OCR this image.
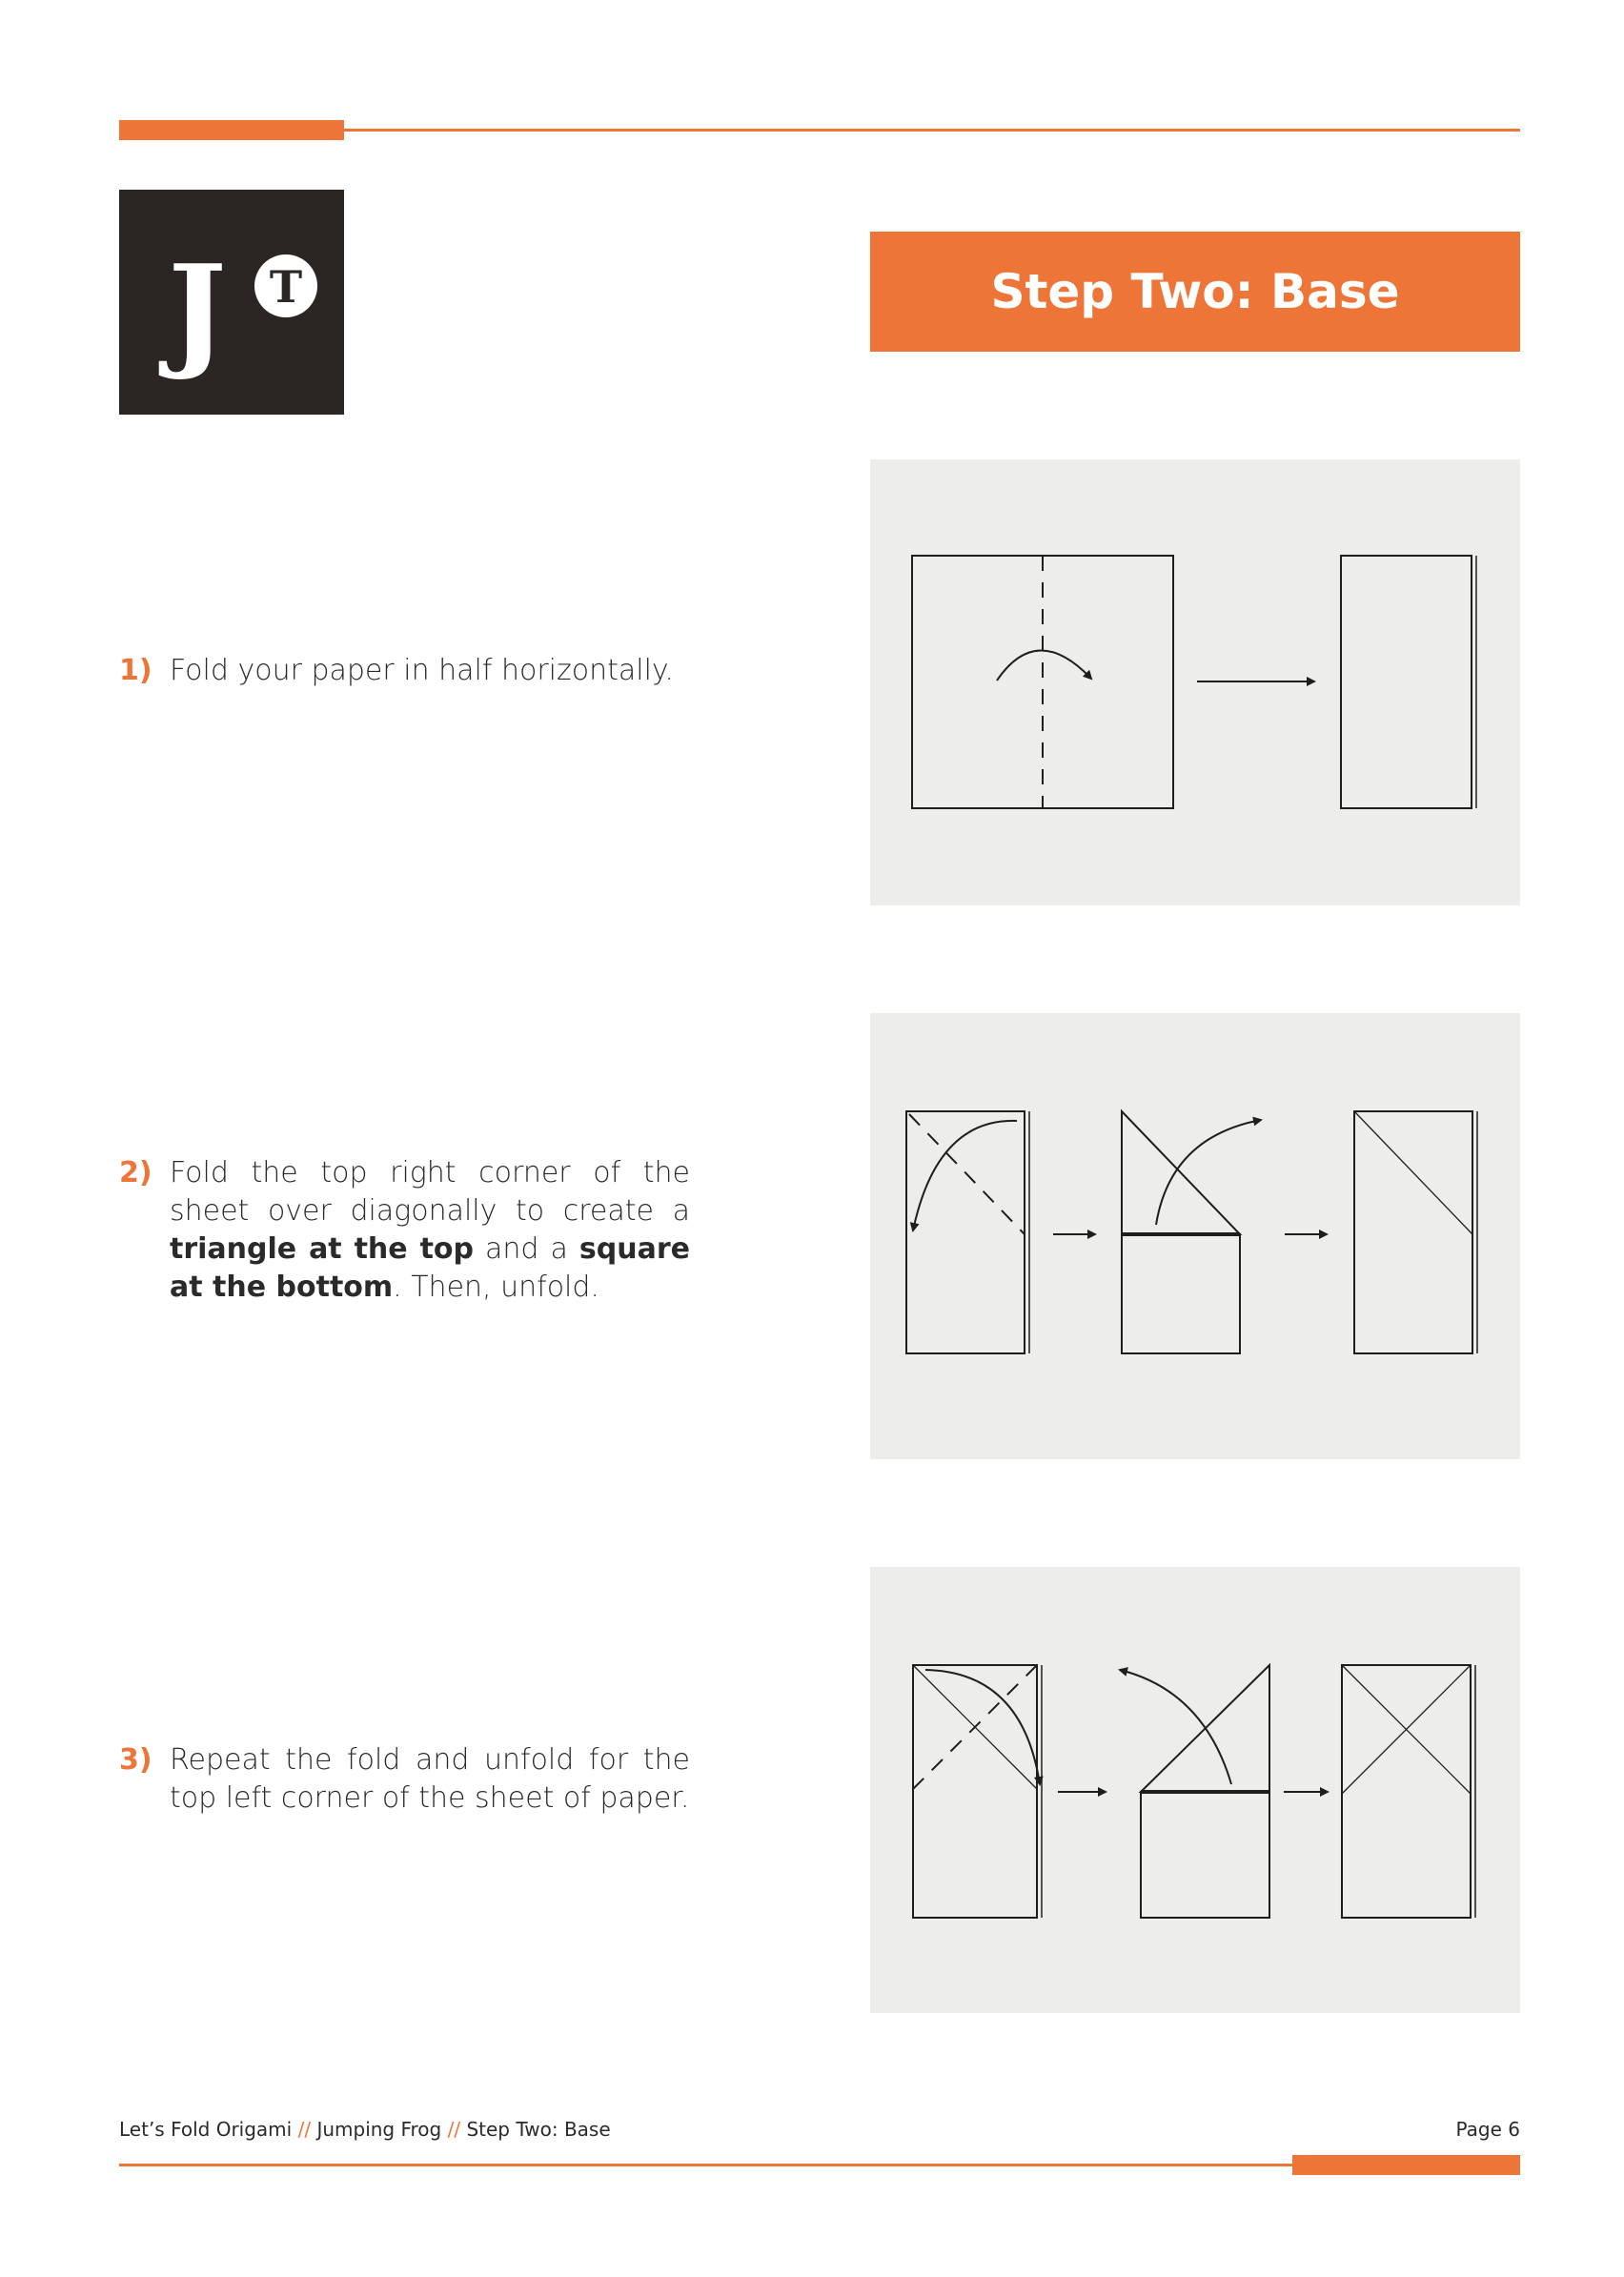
J T	Step Two: Base
1) Fold your paper in half horizontally.
2) Fold the top right corner of the sheet over diagonally to create a triangle at the top and a square at the bottom. Then, unfold.
3) Repeat the fold and unfold for the top left corner of the sheet of paper.
Let’s Fold Origami // Jumping Frog // Step Two: Base	Page 6
